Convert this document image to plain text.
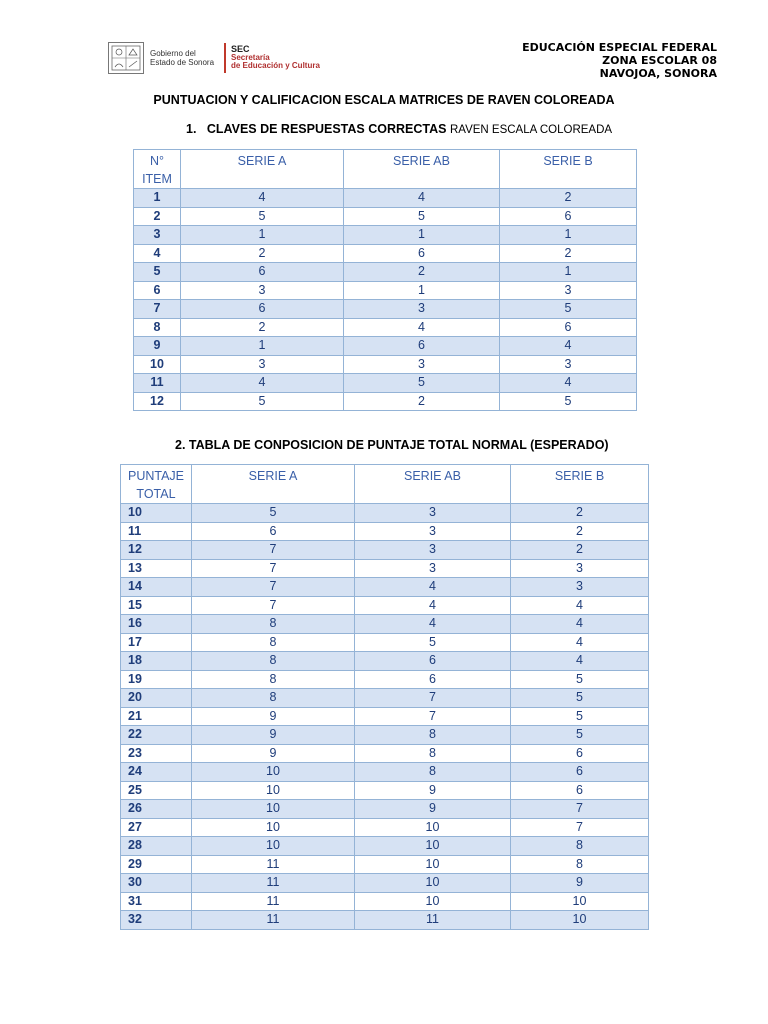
Gobierno del
Estado de Sonora
SEC
Secretaría
de Educación y Cultura
EDUCACIÓN ESPECIAL FEDERAL
ZONA ESCOLAR 08
NAVOJOA, SONORA
PUNTUACION Y CALIFICACION ESCALA MATRICES DE RAVEN COLOREADA
1.   CLAVES DE RESPUESTAS CORRECTAS RAVEN ESCALA COLOREADA
N°
ITEM	SERIE A	SERIE AB	SERIE B
1	4	4	2
2	5	5	6
3	1	1	1
4	2	6	2
5	6	2	1
6	3	1	3
7	6	3	5
8	2	4	6
9	1	6	4
10	3	3	3
11	4	5	4
12	5	2	5
2. TABLA DE CONPOSICION DE PUNTAJE TOTAL NORMAL (ESPERADO)
PUNTAJE
TOTAL	SERIE A	SERIE AB	SERIE B
10	5	3	2
11	6	3	2
12	7	3	2
13	7	3	3
14	7	4	3
15	7	4	4
16	8	4	4
17	8	5	4
18	8	6	4
19	8	6	5
20	8	7	5
21	9	7	5
22	9	8	5
23	9	8	6
24	10	8	6
25	10	9	6
26	10	9	7
27	10	10	7
28	10	10	8
29	11	10	8
30	11	10	9
31	11	10	10
32	11	11	10
